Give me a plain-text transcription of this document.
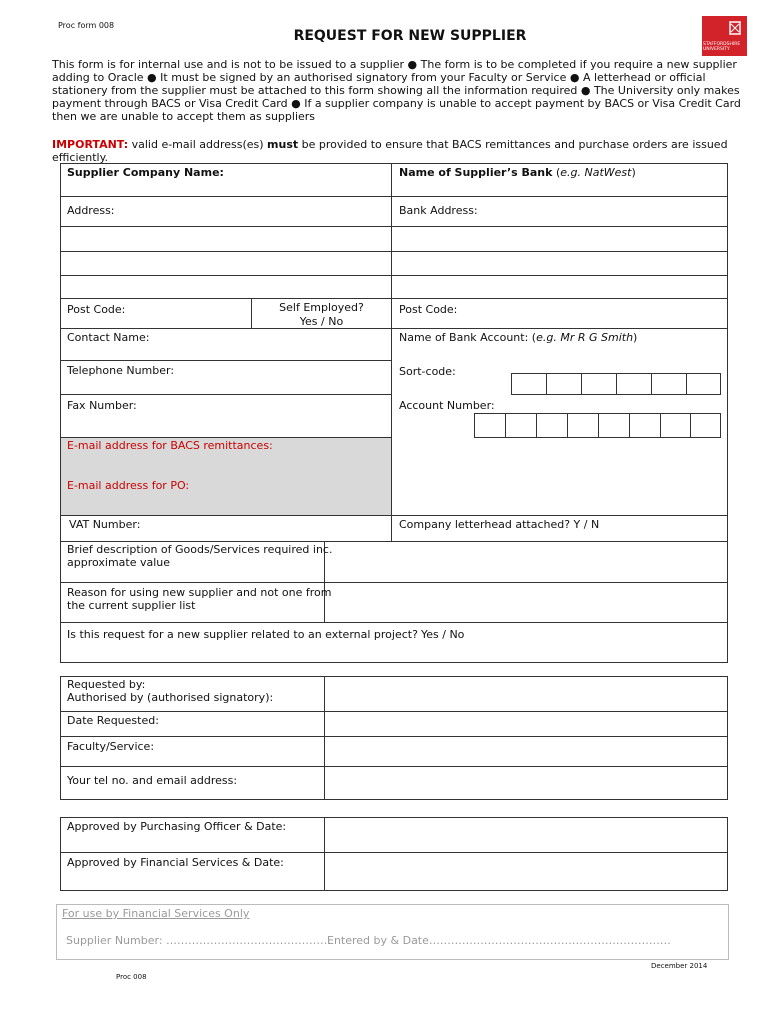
Proc form 008
REQUEST FOR NEW SUPPLIER
STAFFORDSHIRE
UNIVERSITY
This form is for internal use and is not to be issued to a supplier ● The form is to be completed if you require a new supplier
adding to Oracle ● It must be signed by an authorised signatory from your Faculty or Service ● A letterhead or official
stationery from the supplier must be attached to this form showing all the information required ● The University only makes
payment through BACS or Visa Credit Card ● If a supplier company is unable to accept payment by BACS or Visa Credit Card
then we are unable to accept them as suppliers
IMPORTANT: valid e-mail address(es) must be provided to ensure that BACS remittances and purchase orders are issued
efficiently.
Supplier Company Name:
Address:
Post Code:	Self Employed?
Yes / No
Contact Name:
Telephone Number:
Fax Number:
E-mail address for BACS remittances:
E-mail address for PO:
VAT Number:
Name of Supplier’s Bank (e.g. NatWest)
Bank Address:
Post Code:
Name of Bank Account: (e.g. Mr R G Smith)
Sort-code:
Account Number:
Company letterhead attached? Y / N
Brief description of Goods/Services required inc.
approximate value
Reason for using new supplier and not one from
the current supplier list
Is this request for a new supplier related to an external project? Yes / No
Requested by:
Authorised by (authorised signatory):
Date Requested:
Faculty/Service:
Your tel no. and email address:
Approved by Purchasing Officer & Date:
Approved by Financial Services & Date:
For use by Financial Services Only
Supplier Number: ………………………………………
Entered by & Date…………………………………………………………
December 2014
Proc 008
